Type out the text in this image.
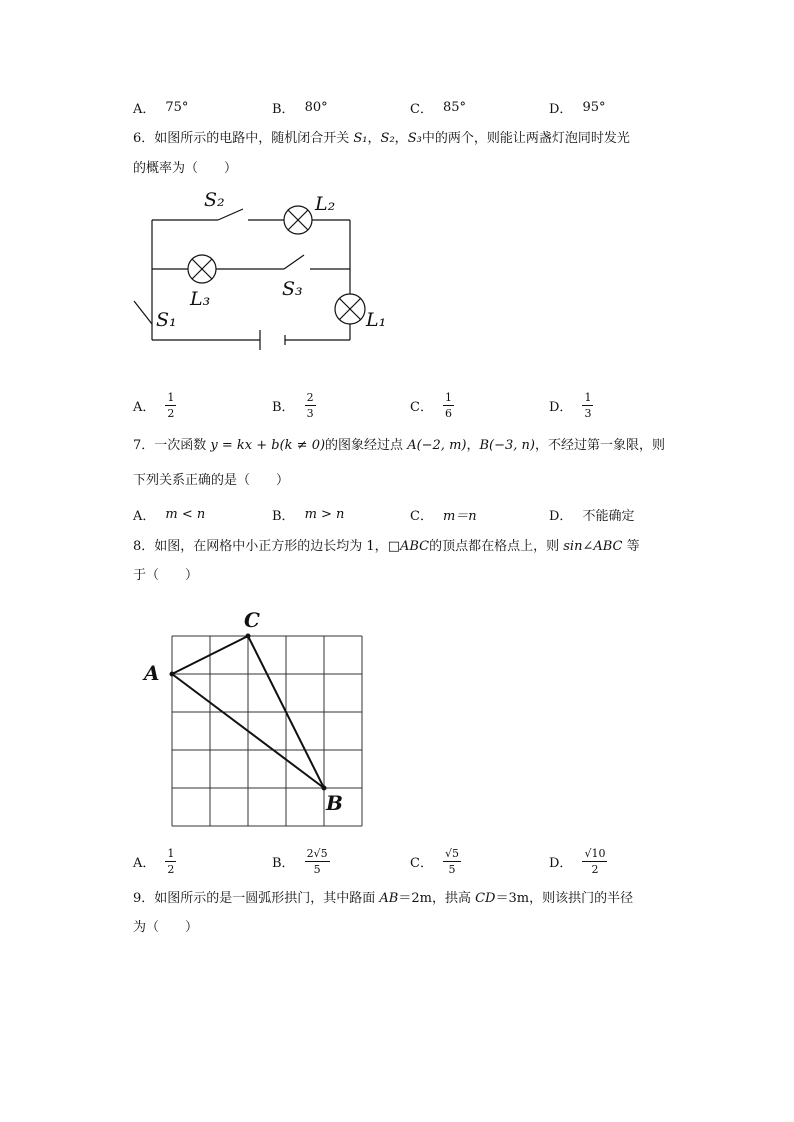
A． 75°	B． 80°	C． 85°	D． 95°
6．如图所示的电路中，随机闭合开关 S₁，S₂，S₃中的两个，则能让两盏灯泡同时发光
的概率为（　　）
S₂	L₂
L₃	S₃
S₁	L₁
A． $\frac{1}{2}$	B． $\frac{2}{3}$	C． $\frac{1}{6}$	D． $\frac{1}{3}$
7．一次函数 y = kx + b(k ≠ 0)的图象经过点 A(−2, m)，B(−3, n)，不经过第一象限，则
下列关系正确的是（　　）
A． m < n	B． m > n	C． m＝n	D． 不能确定
8．如图，在网格中小正方形的边长均为 1，□ABC的顶点都在格点上，则 sin∠ABC 等
于（　　）
A
C
B
A． $\frac{1}{2}$	B． $\frac{2√5}{5}$	C． $\frac{√5}{5}$	D． $\frac{√10}{2}$
9．如图所示的是一圆弧形拱门，其中路面 AB＝2m，拱高 CD＝3m，则该拱门的半径
为（　　）
